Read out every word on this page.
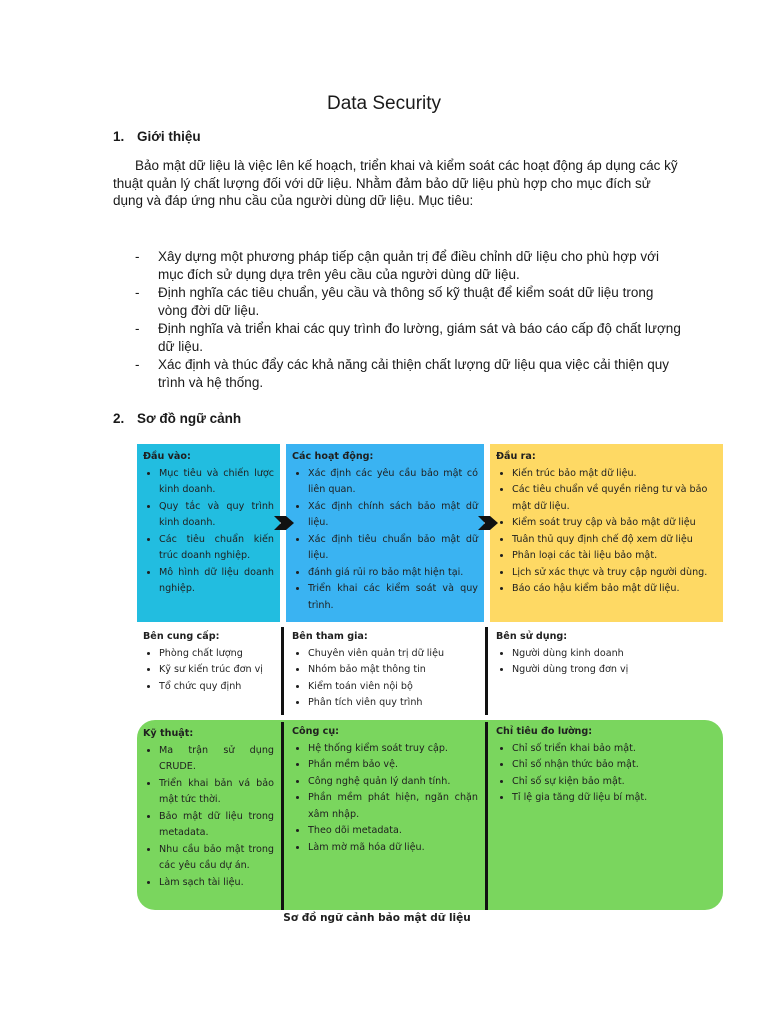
Data Security
1. Giới thiệu

Bảo mật dữ liệu là việc lên kế hoạch, triển khai và kiểm soát các hoạt động áp dụng các kỹ thuật quản lý chất lượng đối với dữ liệu. Nhằm đảm bảo dữ liệu phù hợp cho mục đích sử dụng và đáp ứng nhu cầu của người dùng dữ liệu. Mục tiêu:

- Xây dựng một phương pháp tiếp cận quản trị để điều chỉnh dữ liệu cho phù hợp với mục đích sử dụng dựa trên yêu cầu của người dùng dữ liệu.
- Định nghĩa các tiêu chuẩn, yêu cầu và thông số kỹ thuật để kiểm soát dữ liệu trong vòng đời dữ liệu.
- Định nghĩa và triển khai các quy trình đo lường, giám sát và báo cáo cấp độ chất lượng dữ liệu.
- Xác định và thúc đẩy các khả năng cải thiện chất lượng dữ liệu qua việc cải thiện quy trình và hệ thống.
2. Sơ đồ ngữ cảnh
Đầu vào:
• Mục tiêu và chiến lược kinh doanh.
• Quy tắc và quy trình kinh doanh.
• Các tiêu chuẩn kiến trúc doanh nghiệp.
• Mô hình dữ liệu doanh nghiệp.
Các hoạt động:
• Xác định các yêu cầu bảo mật có liên quan.
• Xác định chính sách bảo mật dữ liệu.
• Xác định tiêu chuẩn bảo mật dữ liệu.
• đánh giá rủi ro bảo mật hiện tại.
• Triển khai các kiểm soát và quy trình.
Đầu ra:
• Kiến trúc bảo mật dữ liệu.
• Các tiêu chuẩn về quyền riêng tư và bảo mật dữ liệu.
• Kiểm soát truy cập và bảo mật dữ liệu
• Tuân thủ quy định chế độ xem dữ liệu
• Phân loại các tài liệu bảo mật.
• Lịch sử xác thực và truy cập người dùng.
• Báo cáo hậu kiểm bảo mật dữ liệu.
Bên cung cấp:
• Phòng chất lượng
• Kỹ sư kiến trúc đơn vị
• Tổ chức quy định
Bên tham gia:
• Chuyên viên quản trị dữ liệu
• Nhóm bảo mật thông tin
• Kiểm toán viên nội bộ
• Phân tích viên quy trình
Bên sử dụng:
• Người dùng kinh doanh
• Người dùng trong đơn vị
Kỹ thuật:
• Ma trận sử dụng CRUDE.
• Triển khai bản vá bảo mật tức thời.
• Bảo mật dữ liệu trong metadata.
• Nhu cầu bảo mật trong các yêu cầu dự án.
• Làm sạch tài liệu.
Công cụ:
• Hệ thống kiểm soát truy cập.
• Phần mềm bảo vệ.
• Công nghệ quản lý danh tính.
• Phần mềm phát hiện, ngăn chặn xâm nhập.
• Theo dõi metadata.
• Làm mờ mã hóa dữ liệu.
Chỉ tiêu đo lường:
• Chỉ số triển khai bảo mật.
• Chỉ số nhận thức bảo mật.
• Chỉ số sự kiện bảo mật.
• Tỉ lệ gia tăng dữ liệu bí mật.
Sơ đồ ngữ cảnh bảo mật dữ liệu
